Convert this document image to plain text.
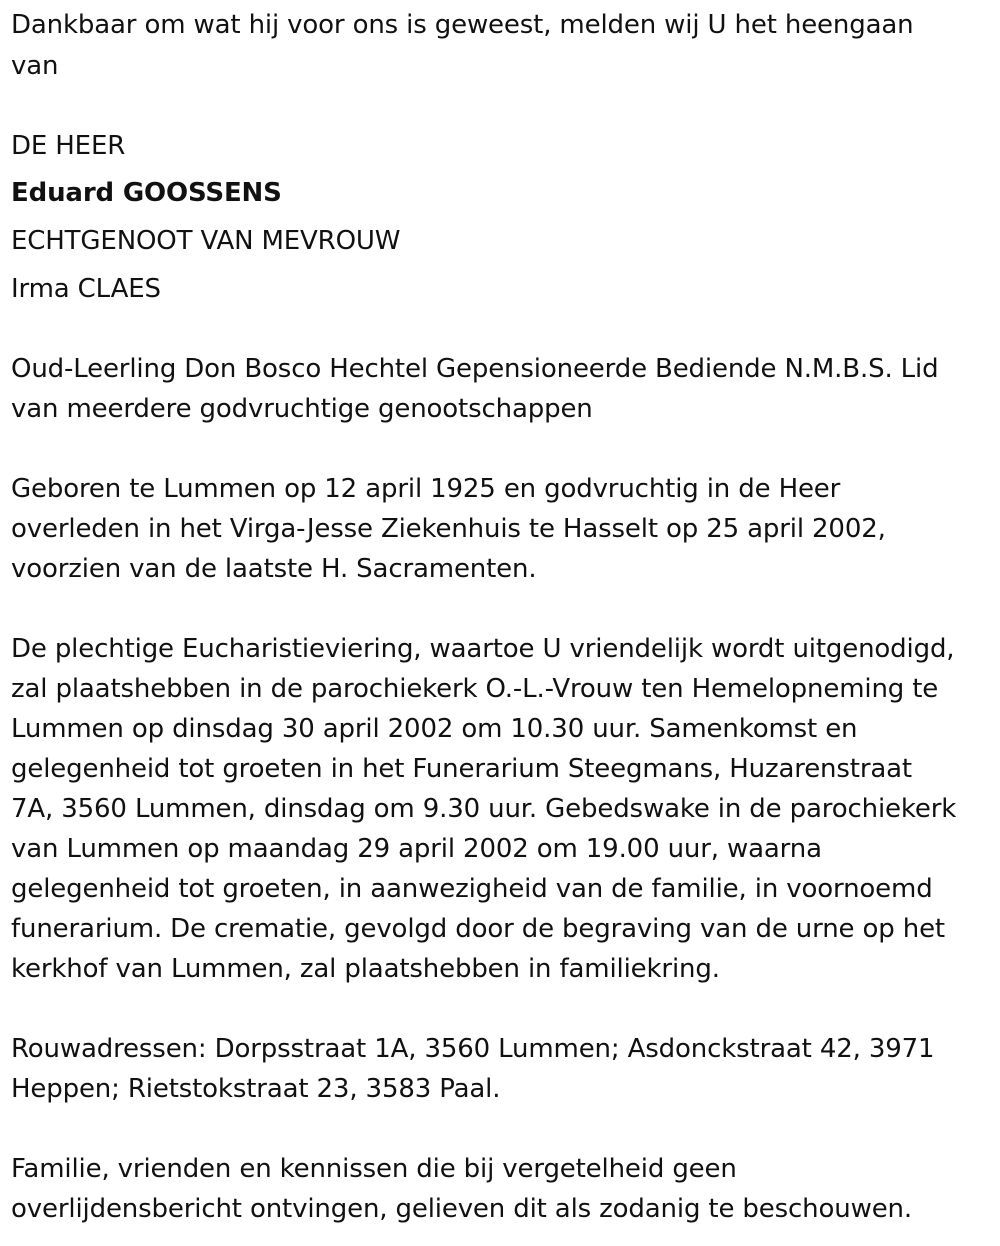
Dankbaar om wat hij voor ons is geweest, melden wij U het heengaan
van
DE HEER
Eduard GOOSSENS
ECHTGENOOT VAN MEVROUW
Irma CLAES
Oud-Leerling Don Bosco Hechtel Gepensioneerde Bediende N.M.B.S. Lid
van meerdere godvruchtige genootschappen
Geboren te Lummen op 12 april 1925 en godvruchtig in de Heer
overleden in het Virga-Jesse Ziekenhuis te Hasselt op 25 april 2002,
voorzien van de laatste H. Sacramenten.
De plechtige Eucharistieviering, waartoe U vriendelijk wordt uitgenodigd,
zal plaatshebben in de parochiekerk O.-L.-Vrouw ten Hemelopneming te
Lummen op dinsdag 30 april 2002 om 10.30 uur. Samenkomst en
gelegenheid tot groeten in het Funerarium Steegmans, Huzarenstraat
7A, 3560 Lummen, dinsdag om 9.30 uur. Gebedswake in de parochiekerk
van Lummen op maandag 29 april 2002 om 19.00 uur, waarna
gelegenheid tot groeten, in aanwezigheid van de familie, in voornoemd
funerarium. De crematie, gevolgd door de begraving van de urne op het
kerkhof van Lummen, zal plaatshebben in familiekring.
Rouwadressen: Dorpsstraat 1A, 3560 Lummen; Asdonckstraat 42, 3971
Heppen; Rietstokstraat 23, 3583 Paal.
Familie, vrienden en kennissen die bij vergetelheid geen
overlijdensbericht ontvingen, gelieven dit als zodanig te beschouwen.
